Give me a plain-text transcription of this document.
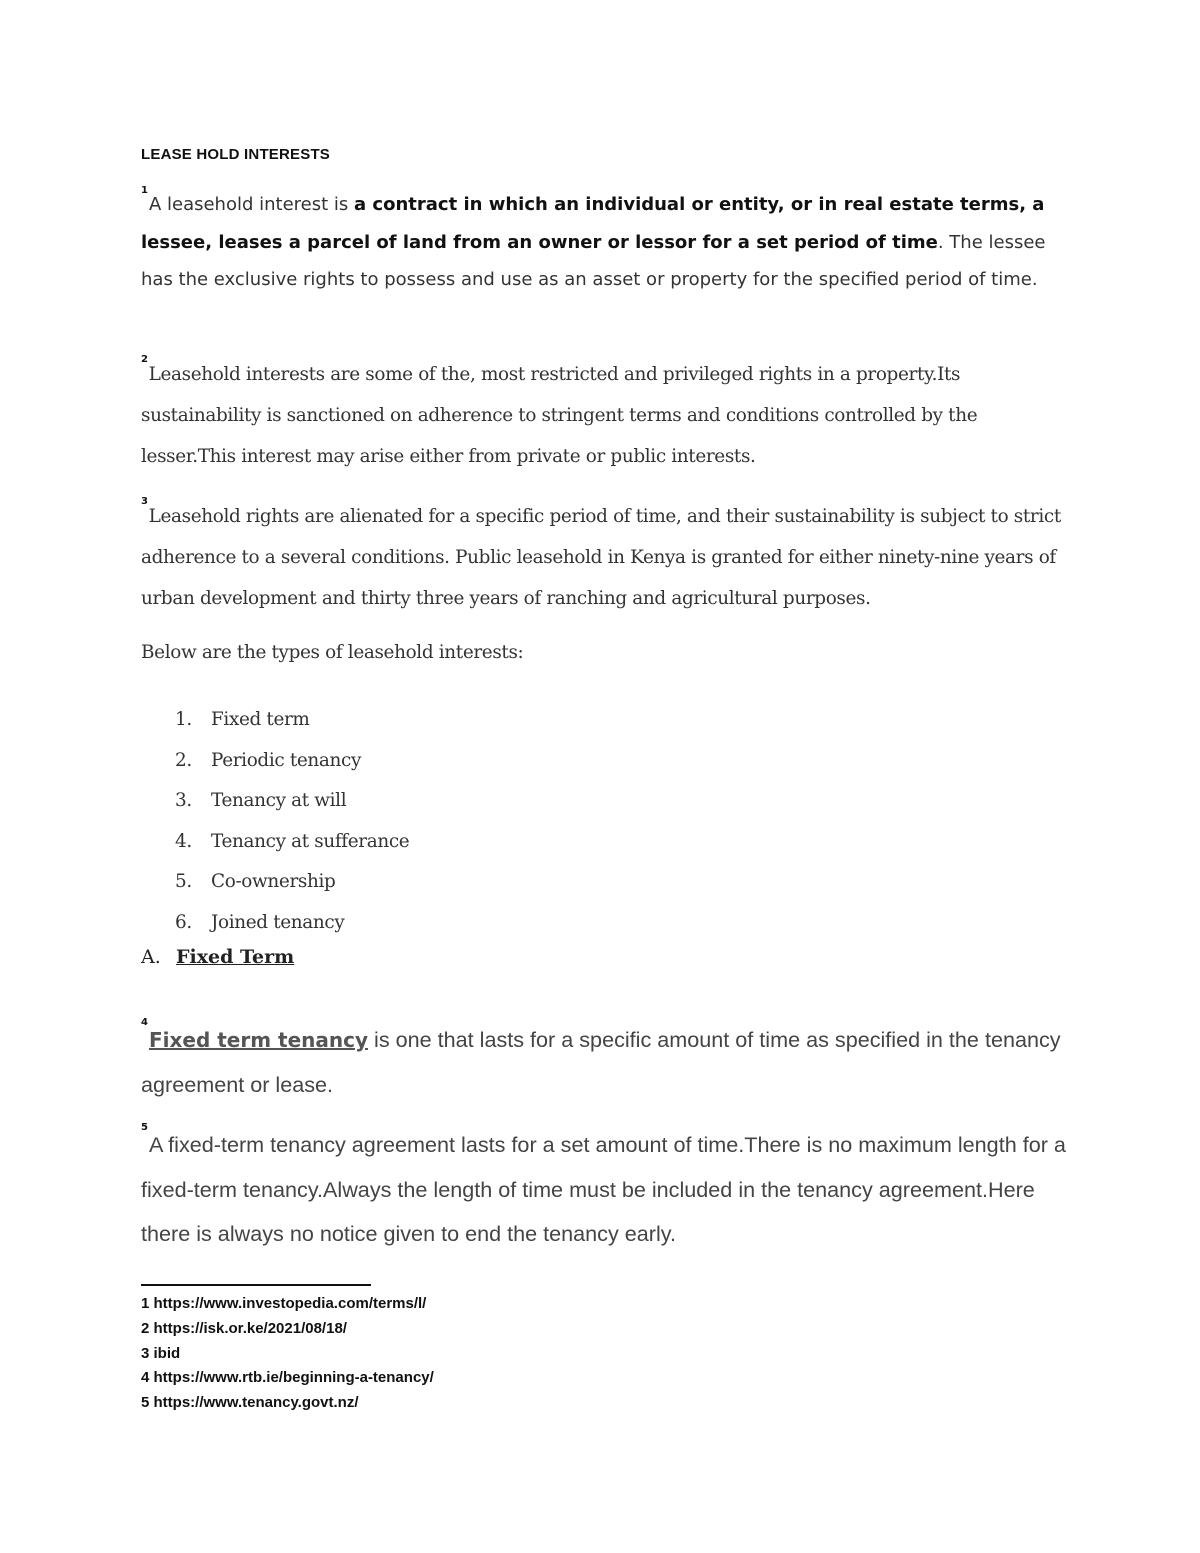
LEASE HOLD INTERESTS
$^1$A leasehold interest is a contract in which an individual or entity, or in real estate terms, a lessee, leases a parcel of land from an owner or lessor for a set period of time. The lessee has the exclusive rights to possess and use as an asset or property for the specified period of time.
$^2$Leasehold interests are some of the, most restricted and privileged rights in a property.Its sustainability is sanctioned on adherence to stringent terms and conditions controlled by the lesser.This interest may arise either from private or public interests.
$^3$Leasehold rights are alienated for a specific period of time, and their sustainability is subject to strict adherence to a several conditions. Public leasehold in Kenya is granted for either ninety-nine years of urban development and thirty three years of ranching and agricultural purposes.
Below are the types of leasehold interests:
1.	Fixed term
2.	Periodic tenancy
3.	Tenancy at will
4.	Tenancy at sufferance
5.	Co-ownership
6.	Joined tenancy
A. Fixed Term
$^4$Fixed term tenancy is one that lasts for a specific amount of time as specified in the tenancy agreement or lease.
$^5$A fixed-term tenancy agreement lasts for a set amount of time.There is no maximum length for a fixed-term tenancy.Always the length of time must be included in the tenancy agreement.Here there is always no notice given to end the tenancy early.
1 https://www.investopedia.com/terms/l/
2 https://isk.or.ke/2021/08/18/
3 ibid
4 https://www.rtb.ie/beginning-a-tenancy/
5 https://www.tenancy.govt.nz/
